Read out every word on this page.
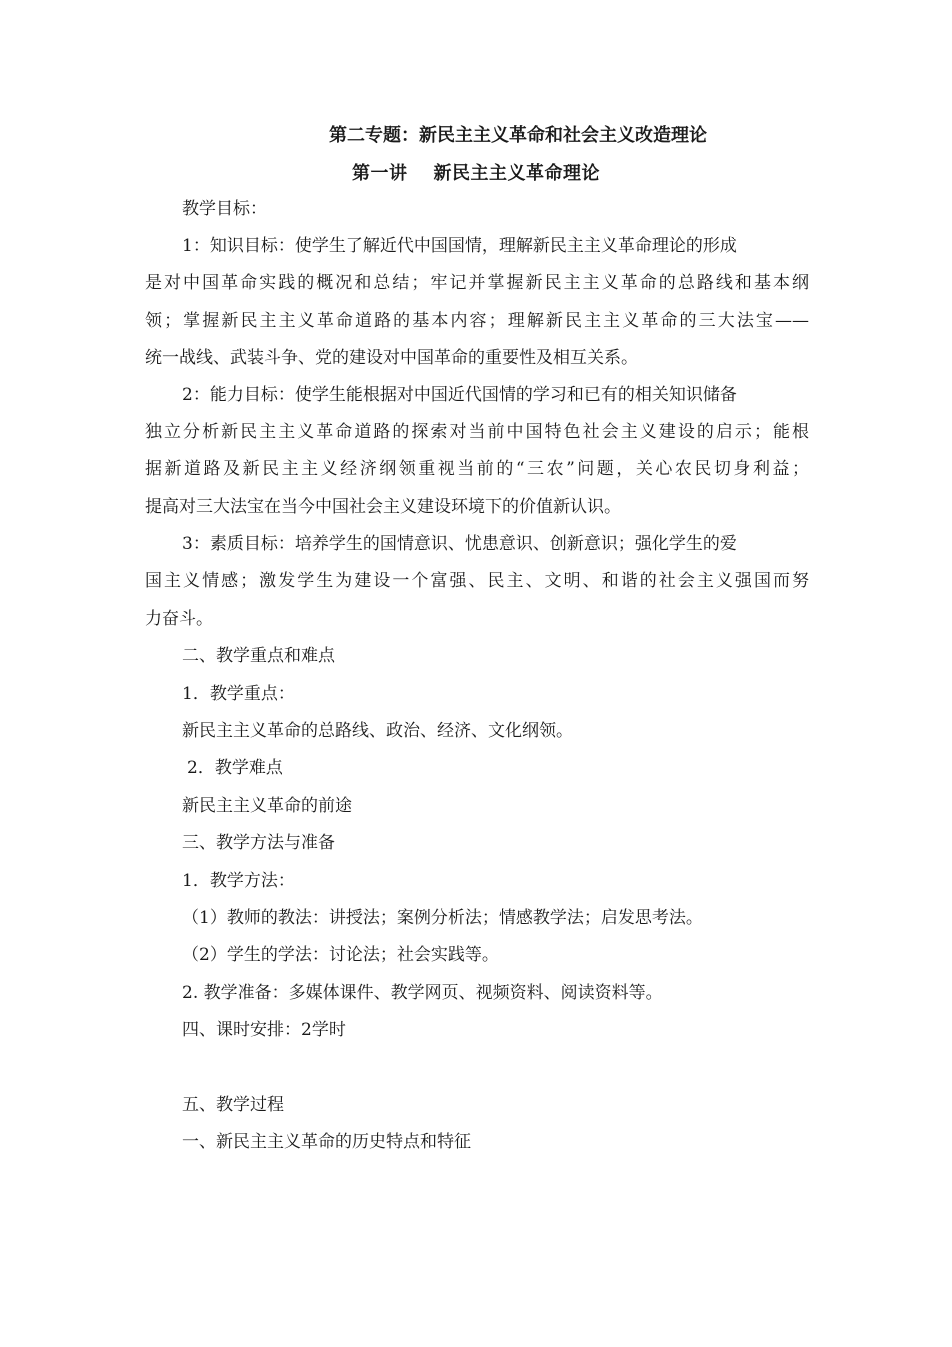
第二专题：新民主主义革命和社会主义改造理论
第一讲 新民主主义革命理论
教学目标：
1：知识目标：使学生了解近代中国国情，理解新民主主义革命理论的形成
是对中国革命实践的概况和总结；牢记并掌握新民主主义革命的总路线和基本纲
领；掌握新民主主义革命道路的基本内容；理解新民主主义革命的三大法宝——
统一战线、武装斗争、党的建设对中国革命的重要性及相互关系。
2：能力目标：使学生能根据对中国近代国情的学习和已有的相关知识储备
独立分析新民主主义革命道路的探索对当前中国特色社会主义建设的启示；能根
据新道路及新民主主义经济纲领重视当前的“三农”问题，关心农民切身利益；
提高对三大法宝在当今中国社会主义建设环境下的价值新认识。
3：素质目标：培养学生的国情意识、忧患意识、创新意识；强化学生的爱
国主义情感；激发学生为建设一个富强、民主、文明、和谐的社会主义强国而努
力奋斗。
二、教学重点和难点
1．教学重点：
新民主主义革命的总路线、政治、经济、文化纲领。
2．教学难点
新民主主义革命的前途
三、教学方法与准备
1．教学方法：
（1）教师的教法：讲授法；案例分析法；情感教学法；启发思考法。
（2）学生的学法：讨论法；社会实践等。
2. 教学准备：多媒体课件、教学网页、视频资料、阅读资料等。
四、课时安排：2学时
五、教学过程
一、新民主主义革命的历史特点和特征
